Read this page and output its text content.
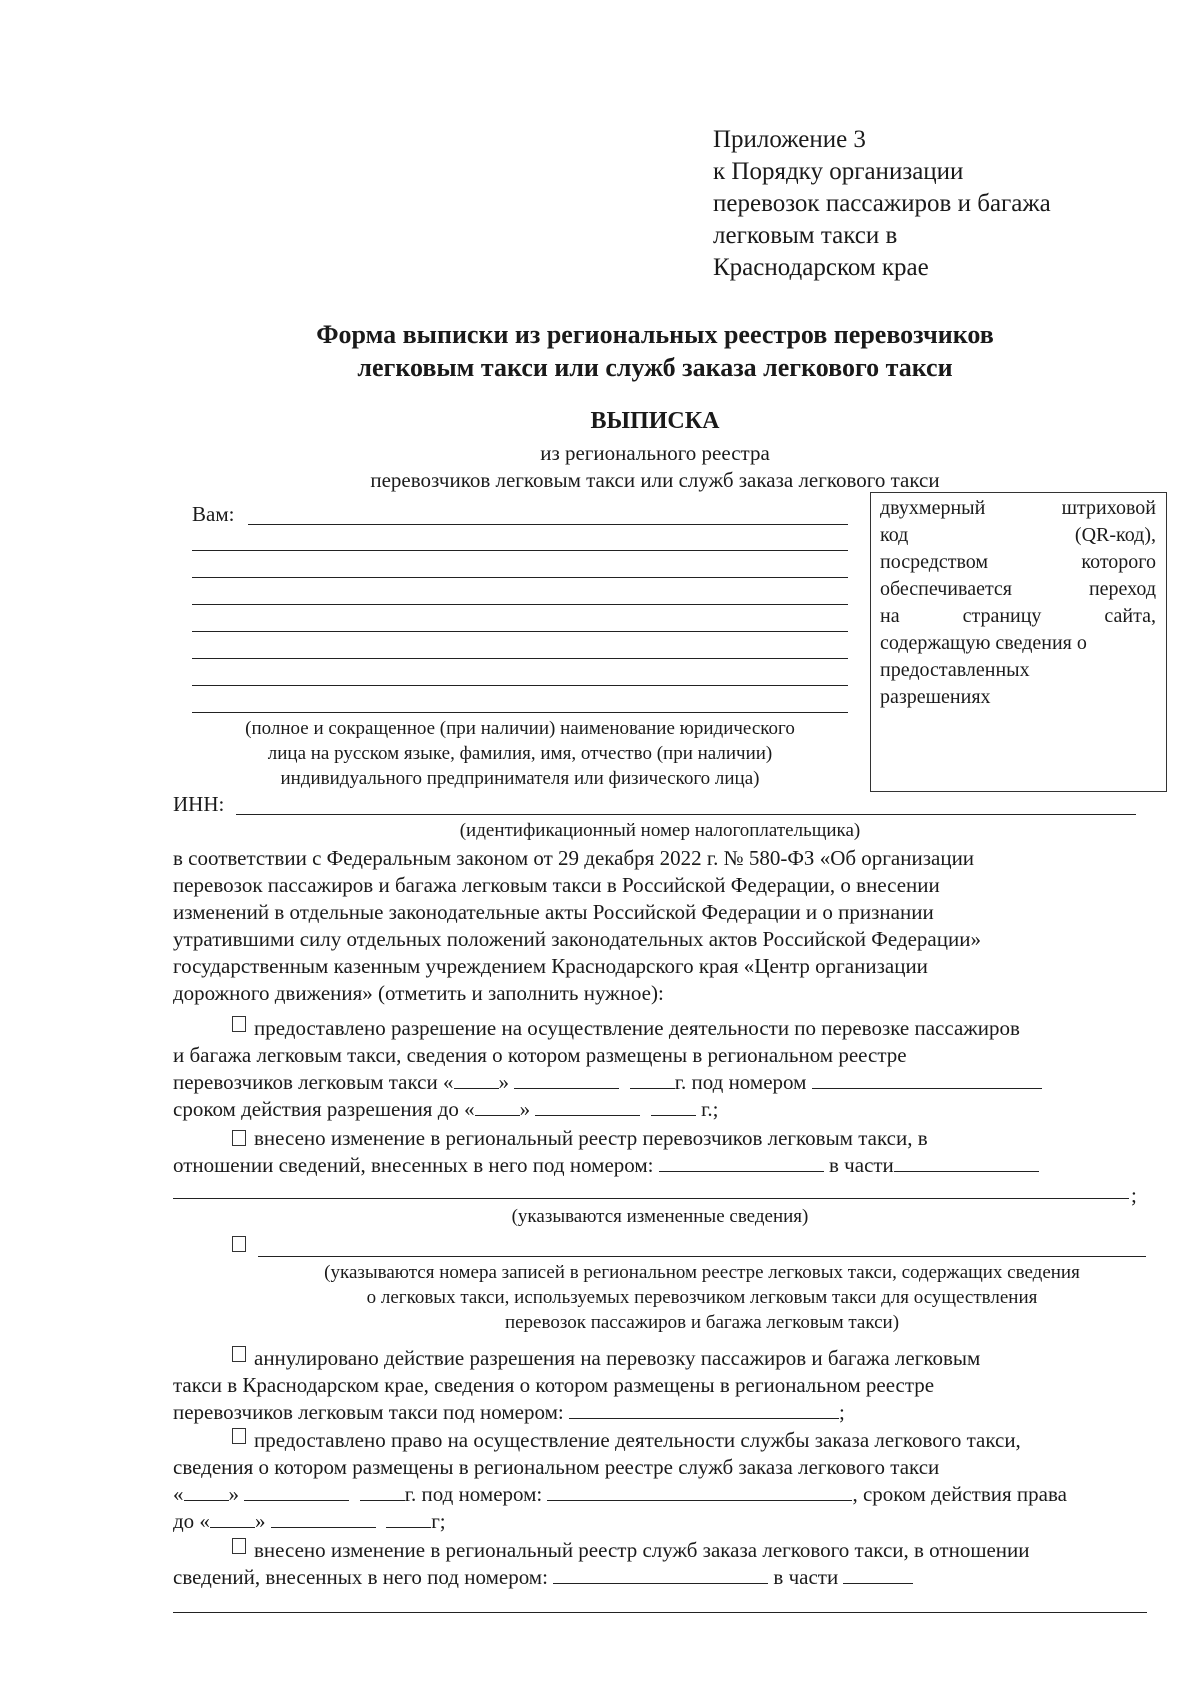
Приложение 3
к Порядку организации
перевозок пассажиров и багажа
легковым такси в
Краснодарском крае
Форма выписки из региональных реестров перевозчиков
легковым такси или служб заказа легкового такси
ВЫПИСКА
из регионального реестра
перевозчиков легковым такси или служб заказа легкового такси
Вам:
(полное и сокращенное (при наличии) наименование юридического
лица на русском языке, фамилия, имя, отчество (при наличии)
индивидуального предпринимателя или физического лица)
двухмерный	штриховой
код	(QR-код),
посредством	которого
обеспечивается	переход
на	страницу	сайта,
содержащую сведения о
предоставленных
разрешениях
ИНН:
(идентификационный номер налогоплательщика)
в соответствии с Федеральным законом от 29 декабря 2022 г. № 580-ФЗ «Об организации
перевозок пассажиров и багажа легковым такси в Российской Федерации, о внесении
изменений в отдельные законодательные акты Российской Федерации и о признании
утратившими силу отдельных положений законодательных актов Российской Федерации»
государственным казенным учреждением Краснодарского края «Центр организации
дорожного движения» (отметить и заполнить нужное):
предоставлено разрешение на осуществление деятельности по перевозке пассажиров
и багажа легковым такси, сведения о котором размещены в региональном реестре
перевозчиков легковым такси « »

	г. под номером

сроком действия разрешения до « »

	г.;
внесено изменение в региональный реестр перевозчиков легковым такси, в
отношении сведений, внесенных в него под номером:

	в части
;
(указываются измененные сведения)
(указываются номера записей в региональном реестре легковых такси, содержащих сведения
о легковых такси, используемых перевозчиком легковым такси для осуществления
перевозок пассажиров и багажа легковым такси)
аннулировано действие разрешения на перевозку пассажиров и багажа легковым
такси в Краснодарском крае, сведения о котором размещены в региональном реестре
перевозчиков легковым такси под номером:
	;
предоставлено право на осуществление деятельности службы заказа легкового такси,
сведения о котором размещены в региональном реестре служб заказа легкового такси
« »

	г. под номером:
	, сроком действия права
до « »

	г;
внесено изменение в региональный реестр служб заказа легкового такси, в отношении
сведений, внесенных в него под номером:

	в части
